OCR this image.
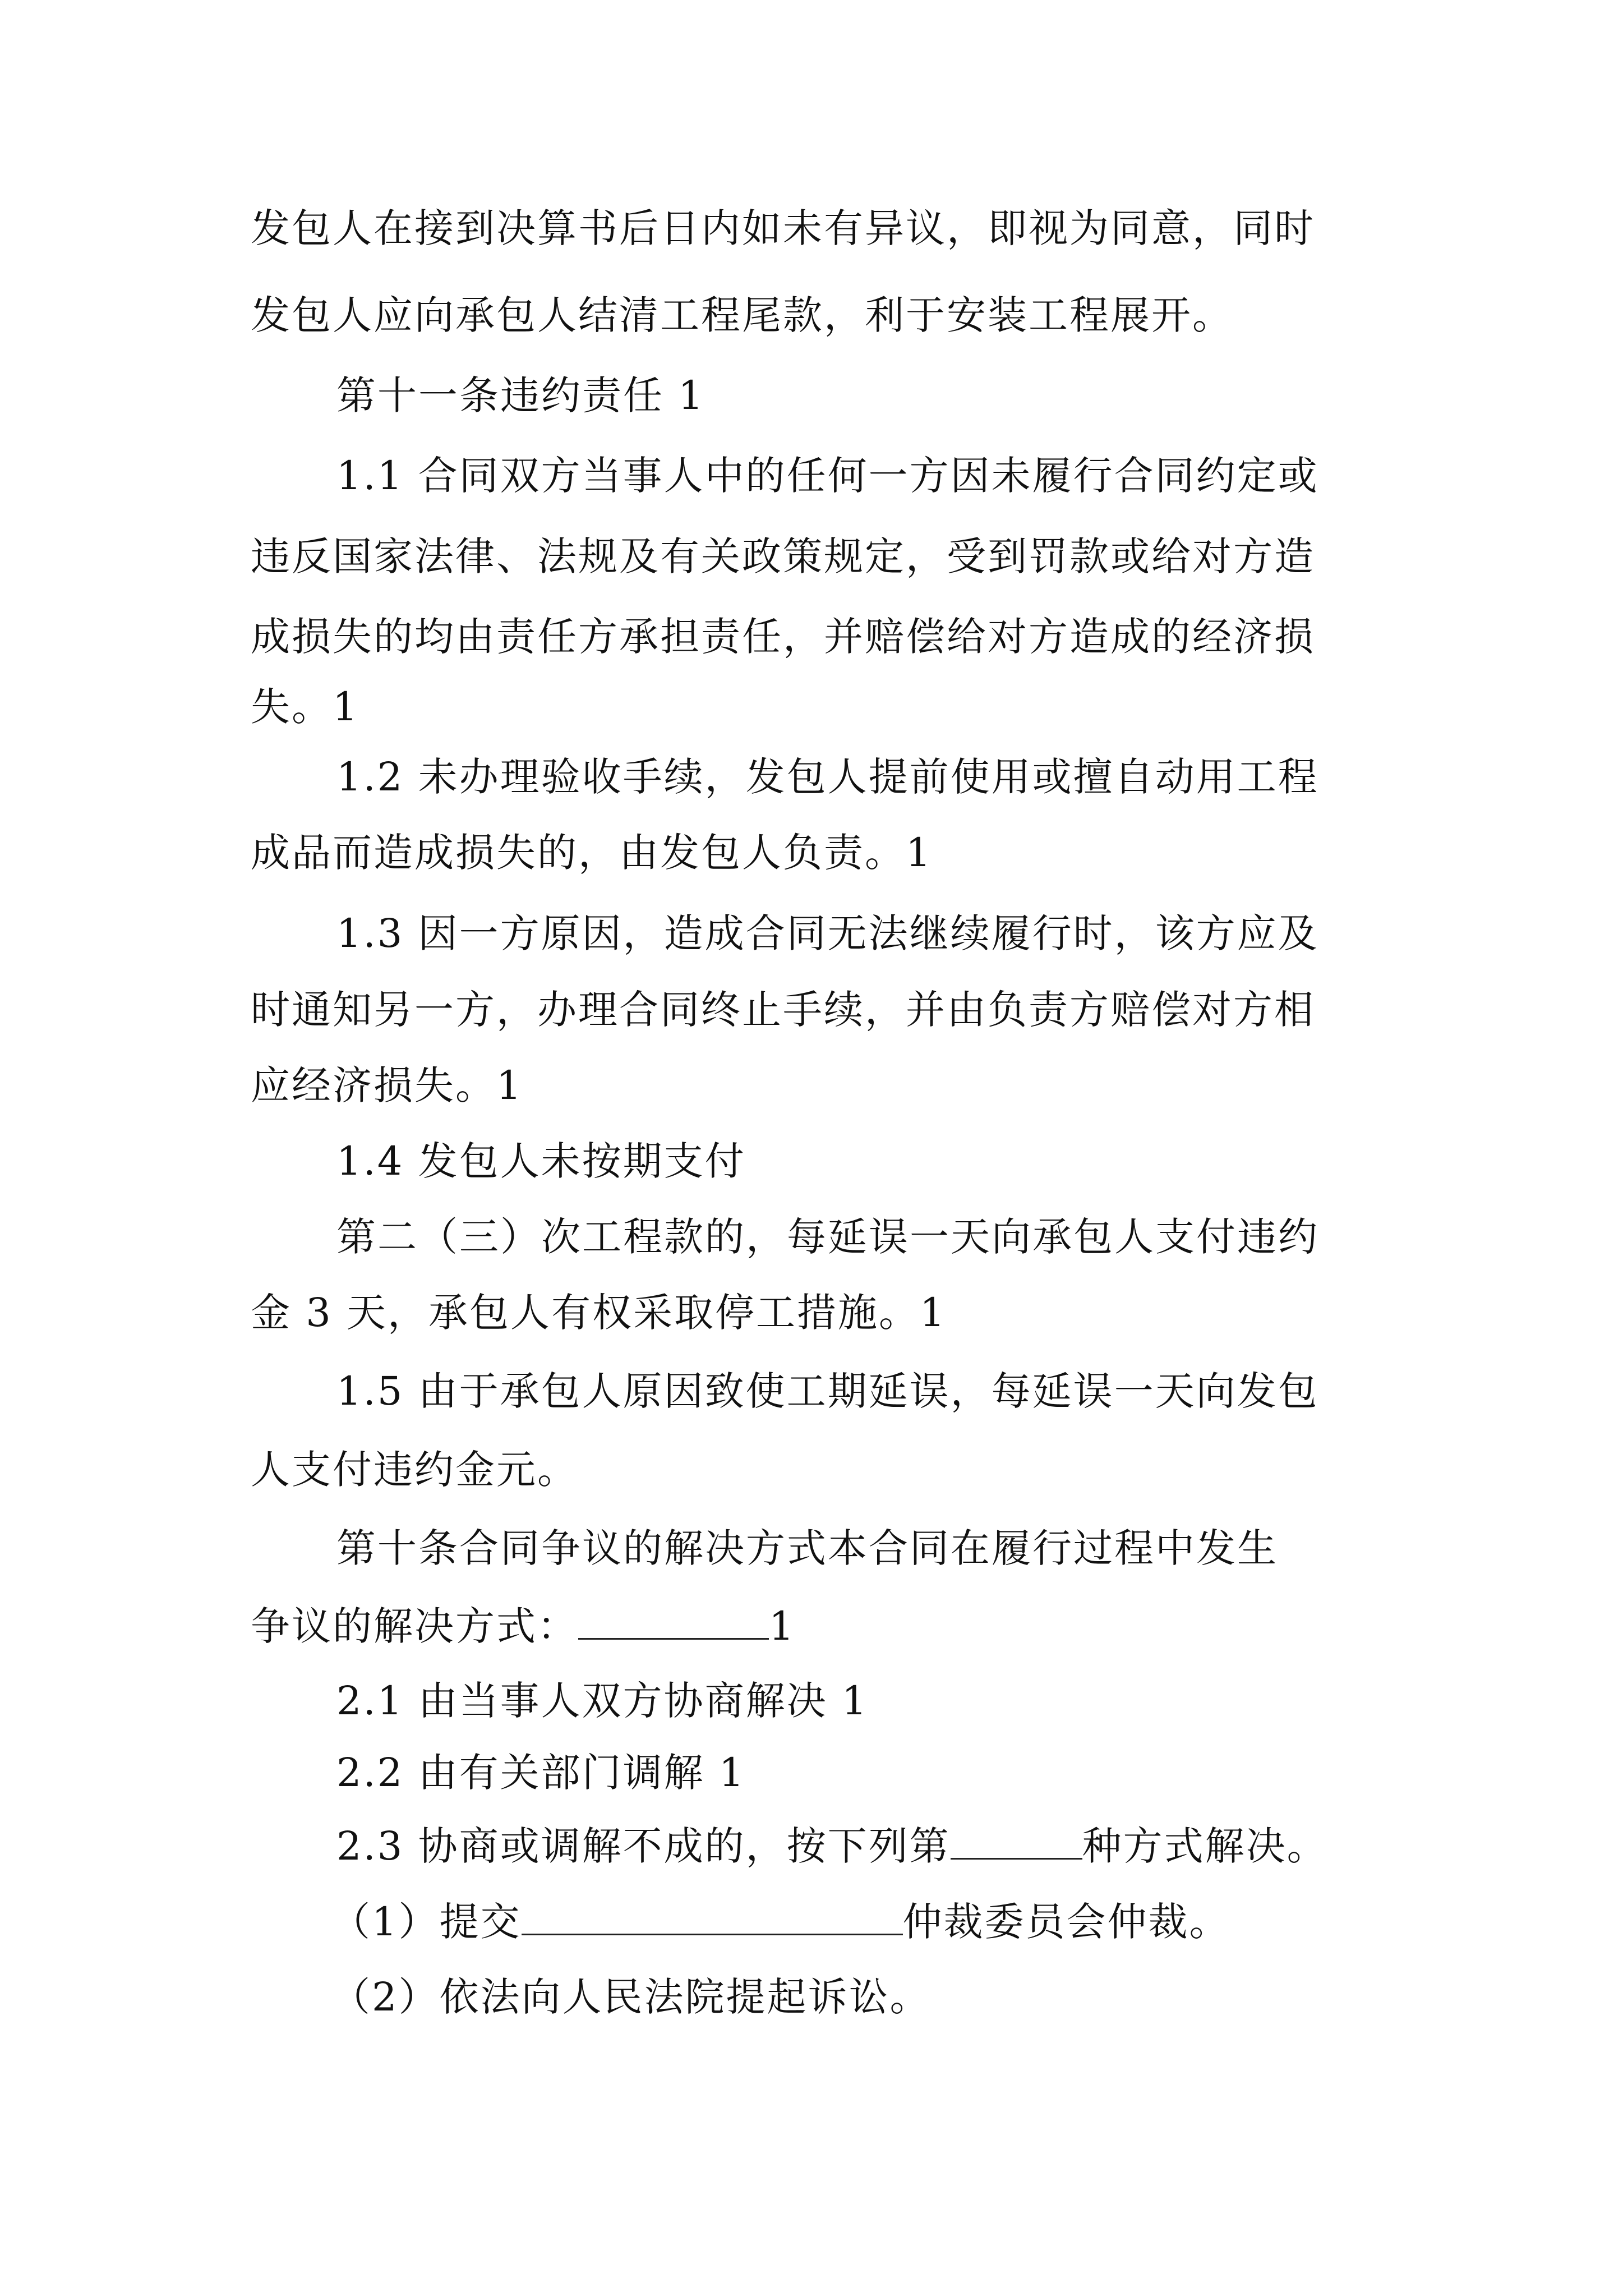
发包人在接到决算书后日内如未有异议，即视为同意，同时
发包人应向承包人结清工程尾款，利于安装工程展开。
第十一条违约责任 1
1.1 合同双方当事人中的任何一方因未履行合同约定或
违反国家法律、法规及有关政策规定，受到罚款或给对方造
成损失的均由责任方承担责任，并赔偿给对方造成的经济损
失。1
1.2 未办理验收手续，发包人提前使用或擅自动用工程
成品而造成损失的，由发包人负责。1
1.3 因一方原因，造成合同无法继续履行时，该方应及
时通知另一方，办理合同终止手续，并由负责方赔偿对方相
应经济损失。1
1.4 发包人未按期支付
第二（三）次工程款的，每延误一天向承包人支付违约
金 3 天，承包人有权采取停工措施。1
1.5 由于承包人原因致使工期延误，每延误一天向发包
人支付违约金元。
第十条合同争议的解决方式本合同在履行过程中发生
争议的解决方式：	1
2.1 由当事人双方协商解决 1
2.2 由有关部门调解 1
2.3 协商或调解不成的，按下列第	种方式解决。
（1）提交	仲裁委员会仲裁。
（2）依法向人民法院提起诉讼。
